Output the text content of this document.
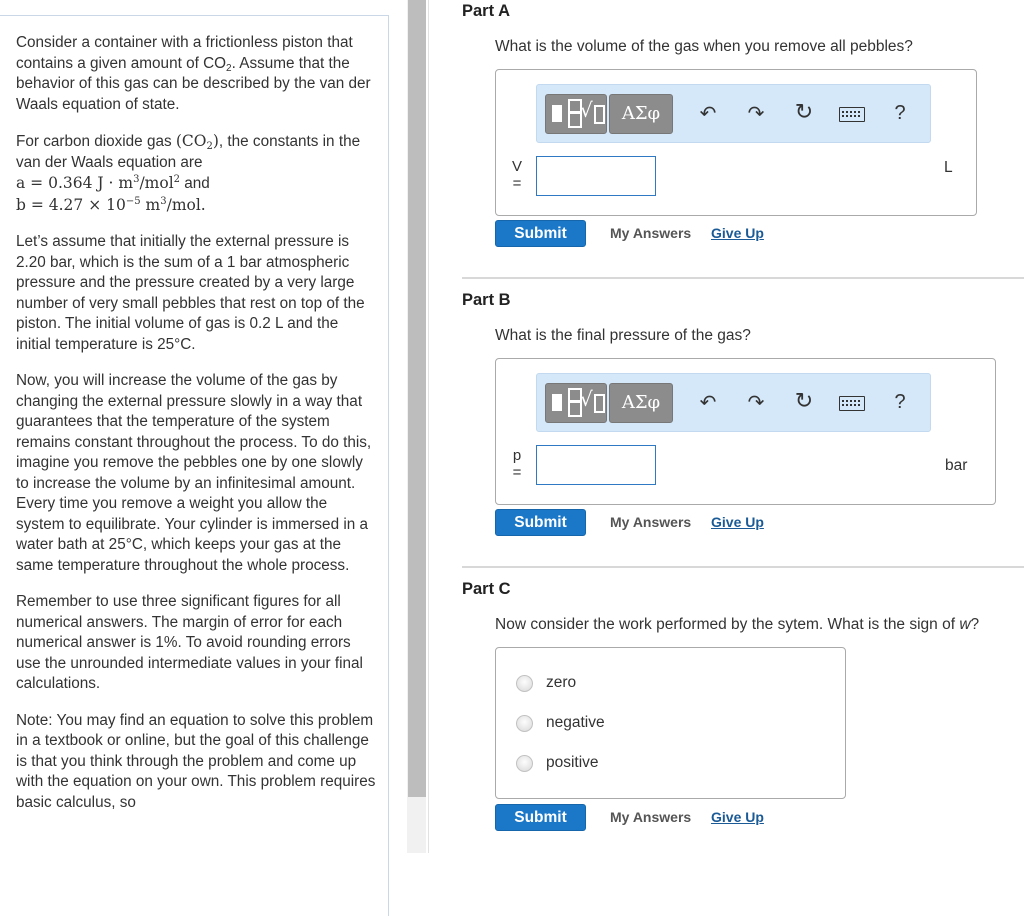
Consider a container with a frictionless piston that contains a given amount of $CO_2$. Assume that the behavior of this gas can be described by the van der Waals equation of state.

For carbon dioxide gas $(CO_2)$, the constants in the van der Waals equation are
a = 0.364 $J \cdot m^3/mol^2$ and
$b = 4.27 \times 10^{-5}$ $m^3$/mol.

Let’s assume that initially the external pressure is 2.20 bar, which is the sum of a 1 bar atmospheric pressure and the pressure created by a very large number of very small pebbles that rest on top of the piston. The initial volume of gas is 0.2 L and the initial temperature is 25°C.

Now, you will increase the volume of the gas by changing the external pressure slowly in a way that guarantees that the temperature of the system remains constant throughout the process. To do this, imagine you remove the pebbles one by one slowly to increase the volume by an infinitesimal amount. Every time you remove a weight you allow the system to equilibrate. Your cylinder is immersed in a water bath at 25°C, which keeps your gas at the same temperature throughout the whole process.

Remember to use three significant figures for all numerical answers. The margin of error for each numerical answer is 1%. To avoid rounding errors use the unrounded intermediate values in your final calculations.

Note: You may find an equation to solve this problem in a textbook or online, but the goal of this challenge is that you think through the problem and come up with the equation on your own. This problem requires basic calculus, so

Part A
What is the volume of the gas when you remove all pebbles?
√	ΑΣφ	↶ ↷ ↻	?
V
=
L
Submit	My Answers Give Up
Part B
What is the final pressure of the gas?
√	ΑΣφ	↶ ↷ ↻	?
p
=	bar
Submit	My Answers Give Up
Part C
Now consider the work performed by the sytem. What is the sign of w?
zero
negative
positive
Submit	My Answers Give Up
